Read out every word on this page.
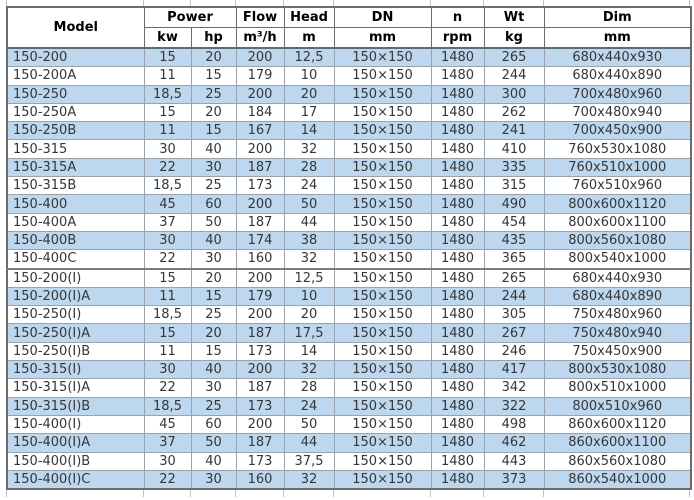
Model	Power		Flow	Head	DN	n	Wt	Dim
	kw	hp	m³/h	m	mm	rpm	kg	mm
150-200	15	20	200	12,5	150×150	1480	265	680x440x930
150-200A	11	15	179	10	150×150	1480	244	680x440x890
150-250	18,5	25	200	20	150×150	1480	300	700x480x960
150-250A	15	20	184	17	150×150	1480	262	700x480x940
150-250B	11	15	167	14	150×150	1480	241	700x450x900
150-315	30	40	200	32	150×150	1480	410	760x530x1080
150-315A	22	30	187	28	150×150	1480	335	760x510x1000
150-315B	18,5	25	173	24	150×150	1480	315	760x510x960
150-400	45	60	200	50	150×150	1480	490	800x600x1120
150-400A	37	50	187	44	150×150	1480	454	800x600x1100
150-400B	30	40	174	38	150×150	1480	435	800x560x1080
150-400C	22	30	160	32	150×150	1480	365	800x540x1000
150-200(I)	15	20	200	12,5	150×150	1480	265	680x440x930
150-200(I)A	11	15	179	10	150×150	1480	244	680x440x890
150-250(I)	18,5	25	200	20	150×150	1480	305	750x480x960
150-250(I)A	15	20	187	17,5	150×150	1480	267	750x480x940
150-250(I)B	11	15	173	14	150×150	1480	246	750x450x900
150-315(I)	30	40	200	32	150×150	1480	417	800x530x1080
150-315(I)A	22	30	187	28	150×150	1480	342	800x510x1000
150-315(I)B	18,5	25	173	24	150×150	1480	322	800x510x960
150-400(I)	45	60	200	50	150×150	1480	498	860x600x1120
150-400(I)A	37	50	187	44	150×150	1480	462	860x600x1100
150-400(I)B	30	40	173	37,5	150×150	1480	443	860x560x1080
150-400(I)C	22	30	160	32	150×150	1480	373	860x540x1000
